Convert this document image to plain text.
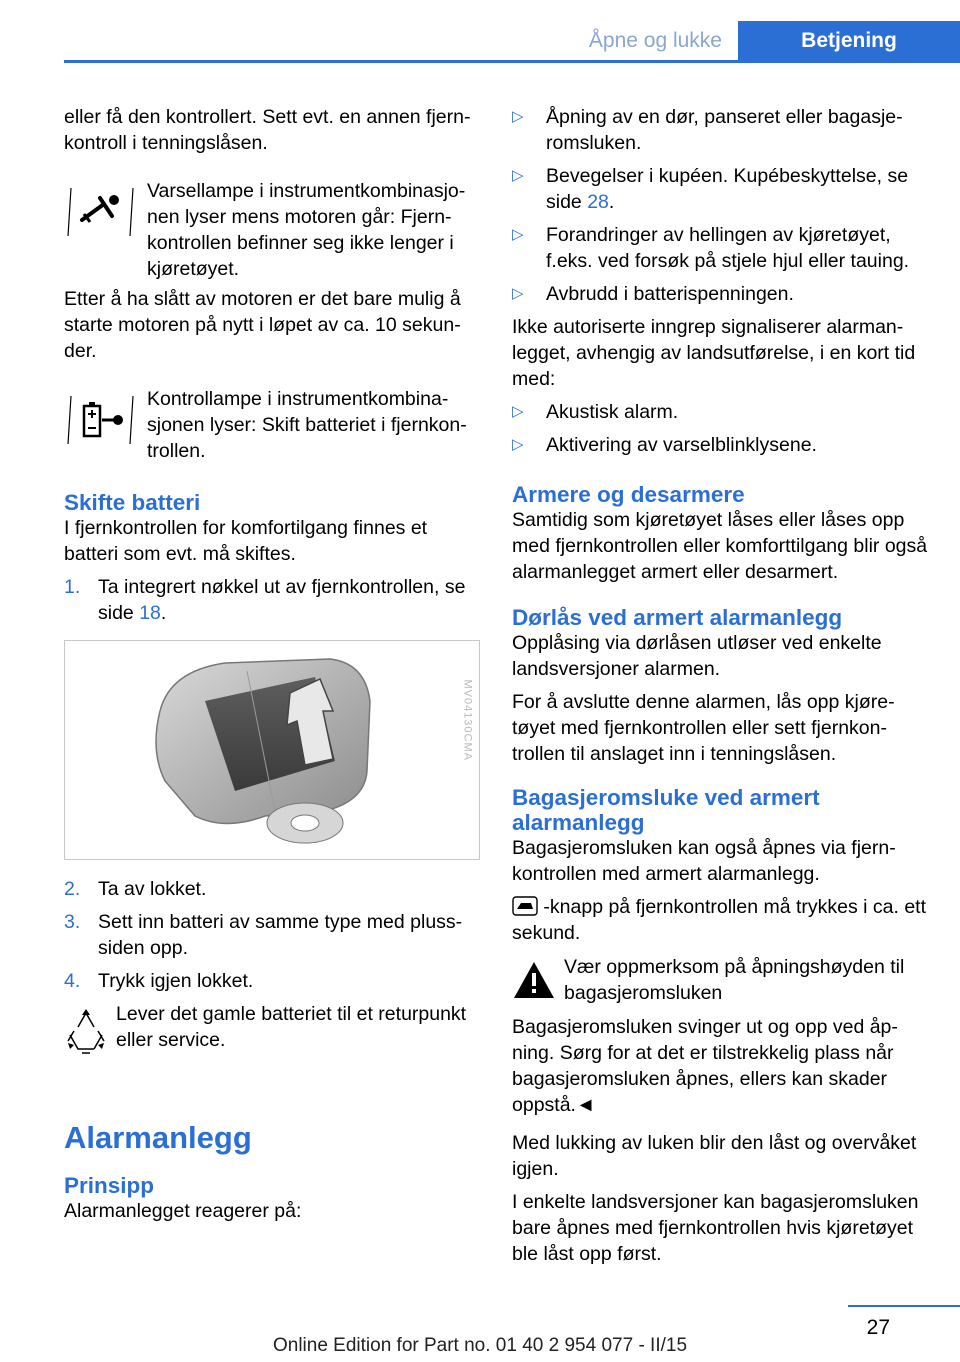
Åpne og lukke	Betjening

eller få den kontrollert. Sett evt. en annen fjernkontroll i tenningslåsen.

Varsellampe i instrumentkombinasjonen lyser mens motoren går: Fjernkontrollen befinner seg ikke lenger i kjøretøyet.

Etter å ha slått av motoren er det bare mulig å starte motoren på nytt i løpet av ca. 10 sekunder.

Kontrollampe i instrumentkombinasjonen lyser: Skift batteriet i fjernkontrollen.
Skifte batteri

I fjernkontrollen for komfortilgang finnes et batteri som evt. må skiftes.

1. Ta integrert nøkkel ut av fjernkontrollen, se side 18.
MV04130CMA
2. Ta av lokket.
3. Sett inn batteri av samme type med plusssiden opp.
4. Trykk igjen lokket.
Lever det gamle batteriet til et returpunkt eller service.
Alarmanlegg
Prinsipp

Alarmanlegget reagerer på:

▷ Åpning av en dør, panseret eller bagasjeromsluken.
▷ Bevegelser i kupéen. Kupébeskyttelse, se side 28.
▷ Forandringer av hellingen av kjøretøyet, f.eks. ved forsøk på stjele hjul eller tauing.
▷ Avbrudd i batterispenningen.

Ikke autoriserte inngrep signaliserer alarmanlegget, avhengig av landsutførelse, i en kort tid med:

▷ Akustisk alarm.
▷ Aktivering av varselblinklysene.
Armere og desarmere

Samtidig som kjøretøyet låses eller låses opp med fjernkontrollen eller komforttilgang blir også alarmanlegget armert eller desarmert.

Dørlås ved armert alarmanlegg

Opplåsing via dørlåsen utløser ved enkelte landsversjoner alarmen.

For å avslutte denne alarmen, lås opp kjøretøyet med fjernkontrollen eller sett fjernkontrollen til anslaget inn i tenningslåsen.

Bagasjeromsluke ved armert alarmanlegg

Bagasjeromsluken kan også åpnes via fjernkontrollen med armert alarmanlegg.

-knapp på fjernkontrollen må trykkes i ca. ett sekund.

Vær oppmerksom på åpningshøyden til bagasjeromsluken

Bagasjeromsluken svinger ut og opp ved åpning. Sørg for at det er tilstrekkelig plass når bagasjeromsluken åpnes, ellers kan skader oppstå.◄

Med lukking av luken blir den låst og overvåket igjen.

I enkelte landsversjoner kan bagasjeromsluken bare åpnes med fjernkontrollen hvis kjøretøyet ble låst opp først.

27
Online Edition for Part no. 01 40 2 954 077 - II/15
